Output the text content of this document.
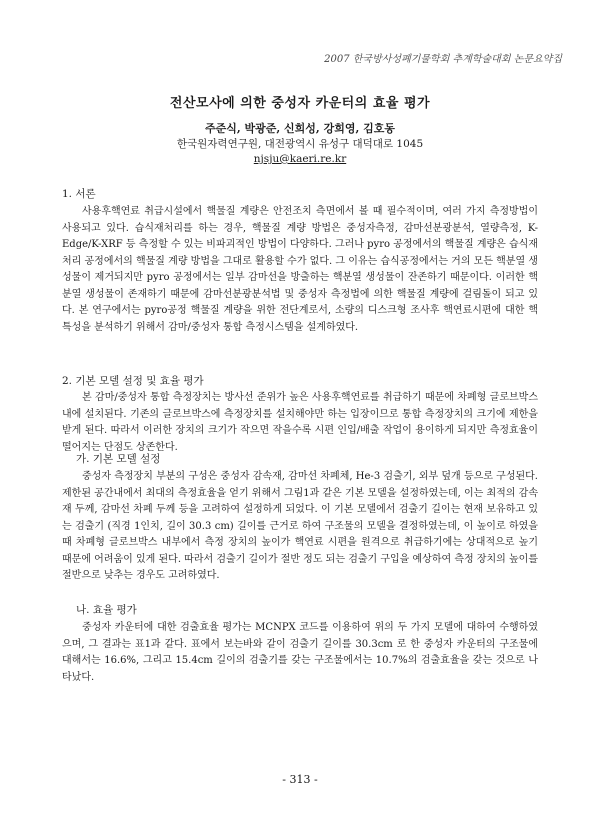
2007 한국방사성폐기물학회 추계학술대회 논문요약집
전산모사에 의한 중성자 카운터의 효율 평가
주준식, 박광준, 신희성, 강희영, 김호동
한국원자력연구원, 대전광역시 유성구 대덕대로 1045
njsju@kaeri.re.kr
1. 서론
사용후핵연료 취급시설에서 핵물질 계량은 안전조치 측면에서 볼 때 필수적이며, 여러 가지 측정방법이 사용되고 있다. 습식재처리를 하는 경우, 핵물질 계량 방법은 중성자측정, 감마선분광분석, 열량측정, K-Edge/K-XRF 등 측정할 수 있는 비파괴적인 방법이 다양하다. 그러나 pyro 공정에서의 핵물질 계량은 습식재처리 공정에서의 핵물질 계량 방법을 그대로 활용할 수가 없다. 그 이유는 습식공정에서는 거의 모든 핵분열 생성물이 제거되지만 pyro 공정에서는 일부 감마선을 방출하는 핵분열 생성물이 잔존하기 때문이다. 이러한 핵분열 생성물이 존재하기 때문에 감마선분광분석법 및 중성자 측정법에 의한 핵물질 계량에 걸림돌이 되고 있다. 본 연구에서는 pyro공정 핵물질 계량을 위한 전단계로서, 소량의 디스크형 조사후 핵연료시편에 대한 핵특성을 분석하기 위해서 감마/중성자 통합 측정시스템을 설계하였다.
2. 기본 모델 설정 및 효율 평가
본 감마/중성자 통합 측정장치는 방사선 준위가 높은 사용후핵연료를 취급하기 때문에 차폐형 글로브박스내에 설치된다. 기존의 글로브박스에 측정장치를 설치해야만 하는 입장이므로 통합 측정장치의 크기에 제한을 받게 된다. 따라서 이러한 장치의 크기가 작으면 작을수록 시편 인입/배출 작업이 용이하게 되지만 측정효율이 떨어지는 단점도 상존한다.
가. 기본 모델 설정
중성자 측정장치 부분의 구성은 중성자 감속재, 감마선 차폐체, He-3 검출기, 외부 덮개 등으로 구성된다. 제한된 공간내에서 최대의 측정효율을 얻기 위해서 그림1과 같은 기본 모델을 설정하였는데, 이는 최적의 감속재 두께, 감마선 차폐 두께 등을 고려하여 설정하게 되었다. 이 기본 모델에서 검출기 길이는 현재 보유하고 있는 검출기 (직경 1인치, 길이 30.3 cm) 길이를 근거로 하여 구조물의 모델을 결정하였는데, 이 높이로 하였을 때 차폐형 글로브박스 내부에서 측정 장치의 높이가 핵연료 시편을 원격으로 취급하기에는 상대적으로 높기 때문에 어려움이 있게 된다. 따라서 검출기 길이가 절반 정도 되는 검출기 구입을 예상하여 측정 장치의 높이를 절반으로 낮추는 경우도 고려하였다.
나. 효율 평가
중성자 카운터에 대한 검출효율 평가는 MCNPX 코드를 이용하여 위의 두 가지 모델에 대하여 수행하였으며, 그 결과는 표1과 같다. 표에서 보는바와 같이 검출기 길이를 30.3cm 로 한 중성자 카운터의 구조물에 대해서는 16.6%, 그리고 15.4cm 길이의 검출기를 갖는 구조물에서는 10.7%의 검출효율을 갖는 것으로 나타났다.
- 313 -
